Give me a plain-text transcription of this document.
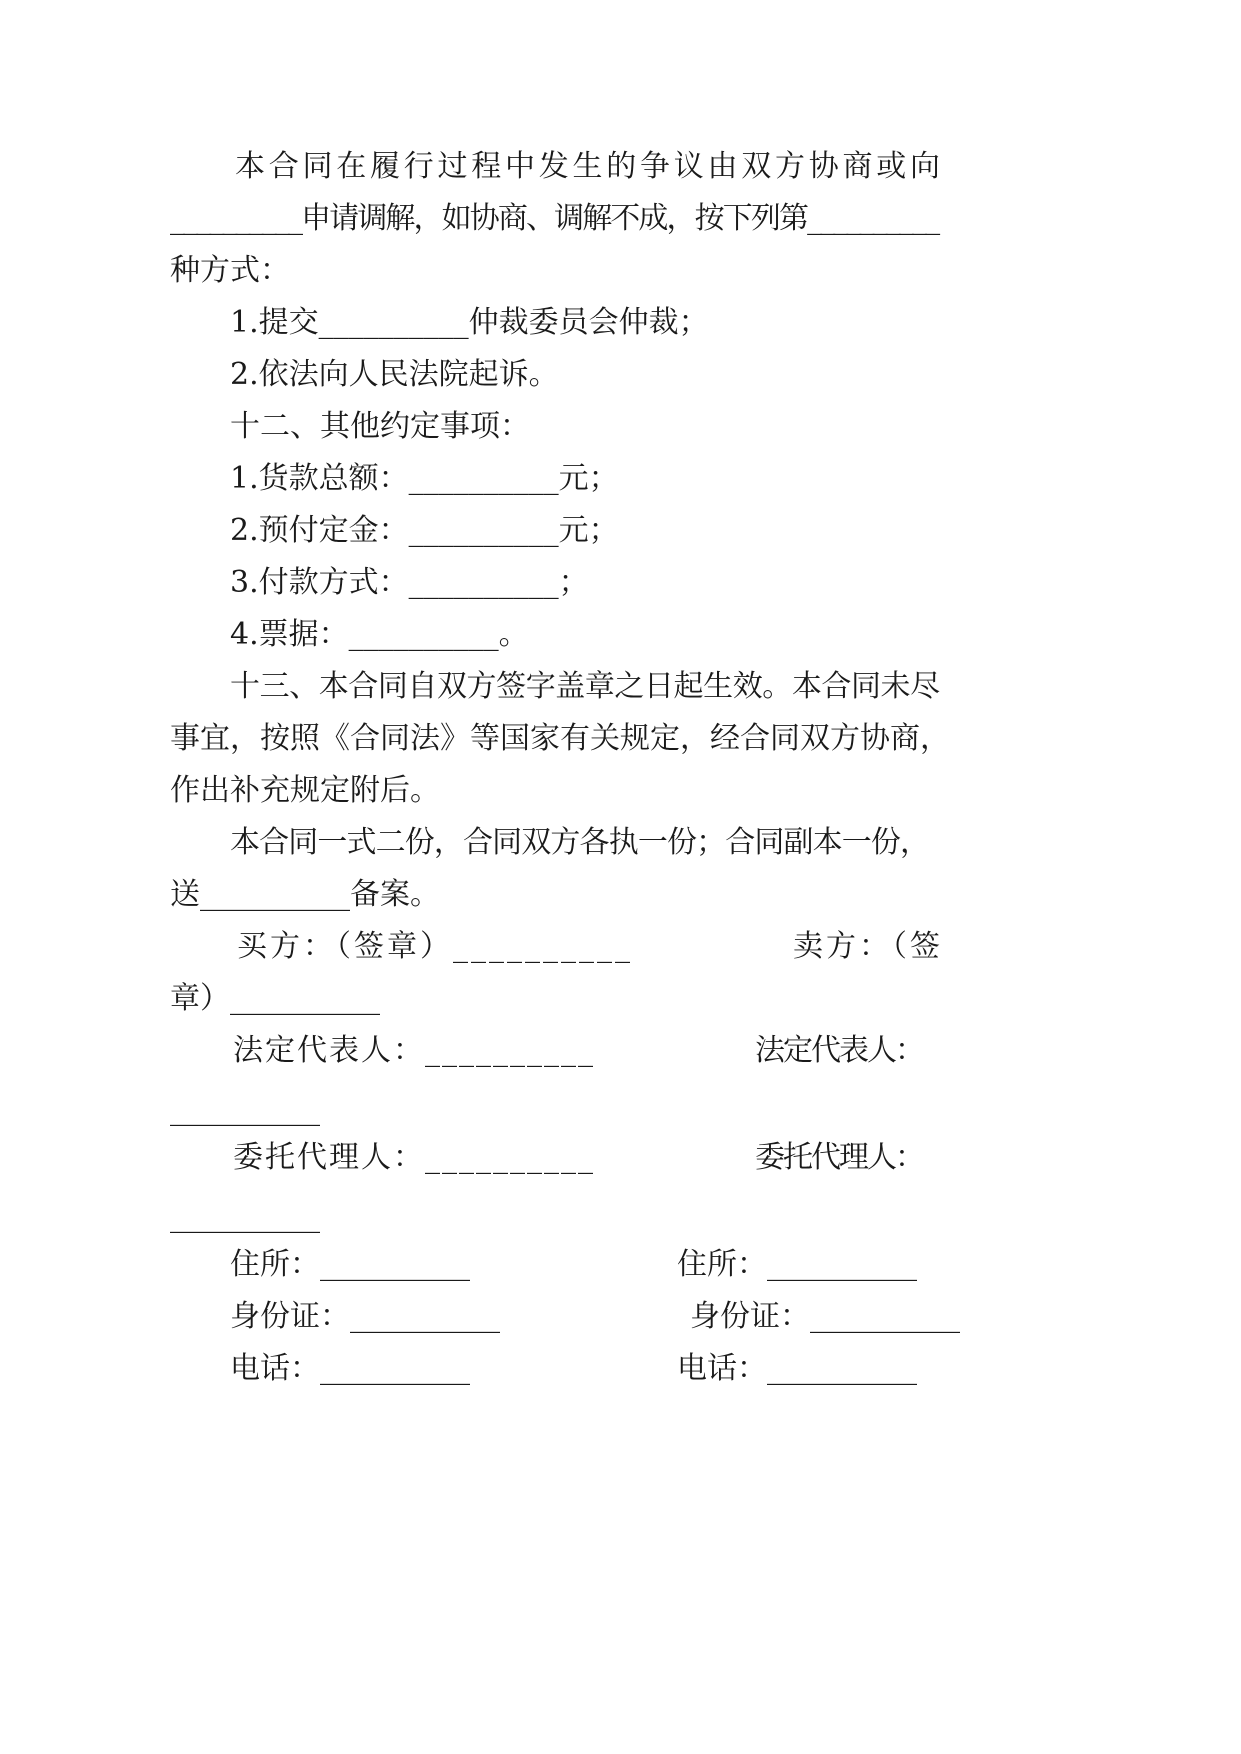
本合同在履行过程中发生的争议由双方协商或向
__________申请调解，如协商、调解不成，按下列第__________
种方式：
1.提交__________仲裁委员会仲裁；
2.依法向人民法院起诉。
十二、其他约定事项：
1.货款总额：__________元；
2.预付定金：__________元；
3.付款方式：__________；
4.票据：__________。
十三、本合同自双方签字盖章之日起生效。本合同未尽
事宜，按照《合同法》等国家有关规定，经合同双方协商，
作出补充规定附后。
本合同一式二份，合同双方各执一份；合同副本一份，
送__________备案。
买方：（签章）__________	卖方：（签
章）__________
法定代表人：__________	法定代表人：
__________
委托代理人：__________	委托代理人：
__________
住所：__________	住所：__________
身份证：__________	身份证：__________
电话：__________	电话：__________
